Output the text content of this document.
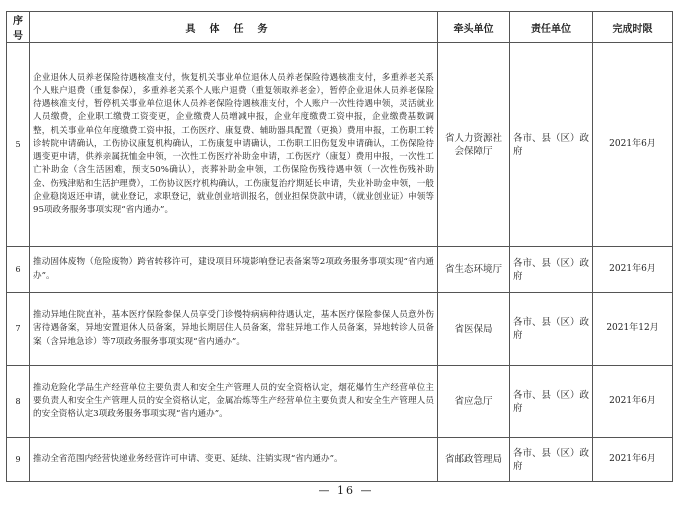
序号	具体任务	牵头单位	责任单位	完成时限
5	企业退休人员养老保险待遇核准支付，恢复机关事业单位退休人员养老保险待遇核准支付，多重养老关系个人账户退费（重复参保），多重养老关系个人账户退费（重复领取养老金），暂停企业退休人员养老保险待遇核准支付，暂停机关事业单位退休人员养老保险待遇核准支付，个人账户一次性待遇申领，灵活就业人员缴费，企业职工缴费工资变更，企业缴费人员增减申报，企业年度缴费工资申报，企业缴费基数调整，机关事业单位年度缴费工资申报，工伤医疗、康复费、辅助器具配置（更换）费用申报，工伤职工转诊转院申请确认，工伤协议康复机构确认，工伤康复申请确认，工伤职工旧伤复发申请确认，工伤保险待遇变更申请，供养亲属抚恤金申领，一次性工伤医疗补助金申请，工伤医疗（康复）费用申报，一次性工亡补助金（含生活困难，预支50%确认），丧葬补助金申领，工伤保险伤残待遇申领（一次性伤残补助金、伤残津贴和生活护理费），工伤协议医疗机构确认，工伤康复治疗期延长申请，失业补助金申领，一般企业稳岗返还申请，就业登记，求职登记，就业创业培训报名，创业担保贷款申请，（就业创业证）申领等95项政务服务事项实现“省内通办”。	省人力资源社会保障厅	各市、县（区）政府	2021年6月
6	推动固体废物（危险废物）跨省转移许可，建设项目环境影响登记表备案等2项政务服务事项实现“省内通办”。	省生态环境厅	各市、县（区）政府	2021年6月
7	推动异地住院直补，基本医疗保险参保人员享受门诊慢特病病种待遇认定，基本医疗保险参保人员意外伤害待遇备案，异地安置退休人员备案，异地长期居住人员备案，常驻异地工作人员备案，异地转诊人员备案（含异地急诊）等7项政务服务事项实现“省内通办”。	省医保局	各市、县（区）政府	2021年12月
8	推动危险化学品生产经营单位主要负责人和安全生产管理人员的安全资格认定，烟花爆竹生产经营单位主要负责人和安全生产管理人员的安全资格认定，金属冶炼等生产经营单位主要负责人和安全生产管理人员的安全资格认定3项政务服务事项实现“省内通办”。	省应急厅	各市、县（区）政府	2021年6月
9	推动全省范围内经营快递业务经营许可申请、变更、延续、注销实现“省内通办”。	省邮政管理局	各市、县（区）政府	2021年6月
— 16 —
